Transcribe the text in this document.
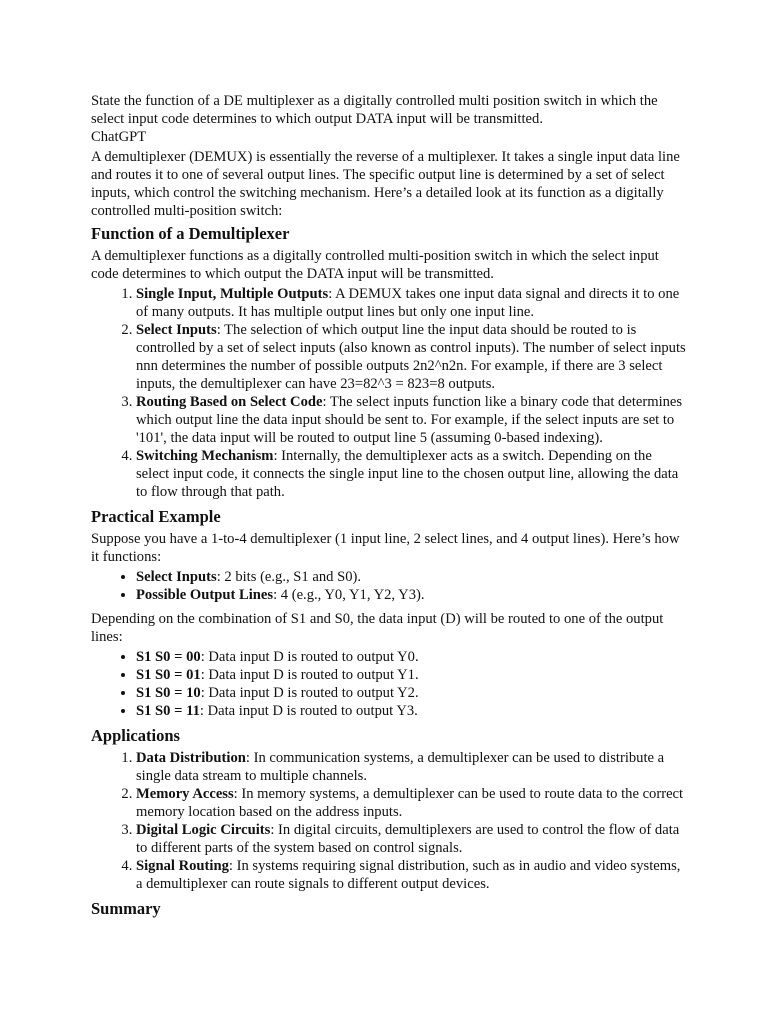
State the function of a DE multiplexer as a digitally controlled multi position switch in which the select input code determines to which output DATA input will be transmitted.

ChatGPT

A demultiplexer (DEMUX) is essentially the reverse of a multiplexer. It takes a single input data line and routes it to one of several output lines. The specific output line is determined by a set of select inputs, which control the switching mechanism. Here’s a detailed look at its function as a digitally controlled multi-position switch:

Function of a Demultiplexer

A demultiplexer functions as a digitally controlled multi-position switch in which the select input code determines to which output the DATA input will be transmitted.

1. Single Input, Multiple Outputs: A DEMUX takes one input data signal and directs it to one of many outputs. It has multiple output lines but only one input line.
2. Select Inputs: The selection of which output line the input data should be routed to is controlled by a set of select inputs (also known as control inputs). The number of select inputs nnn determines the number of possible outputs 2n2^n2n. For example, if there are 3 select inputs, the demultiplexer can have 23=82^3 = 823=8 outputs.
3. Routing Based on Select Code: The select inputs function like a binary code that determines which output line the data input should be sent to. For example, if the select inputs are set to '101', the data input will be routed to output line 5 (assuming 0-based indexing).
4. Switching Mechanism: Internally, the demultiplexer acts as a switch. Depending on the select input code, it connects the single input line to the chosen output line, allowing the data to flow through that path.
Practical Example

Suppose you have a 1-to-4 demultiplexer (1 input line, 2 select lines, and 4 output lines). Here’s how it functions:

• Select Inputs: 2 bits (e.g., S1 and S0).
• Possible Output Lines: 4 (e.g., Y0, Y1, Y2, Y3).

Depending on the combination of S1 and S0, the data input (D) will be routed to one of the output lines:

• S1 S0 = 00: Data input D is routed to output Y0.
• S1 S0 = 01: Data input D is routed to output Y1.
• S1 S0 = 10: Data input D is routed to output Y2.
• S1 S0 = 11: Data input D is routed to output Y3.
Applications
1. Data Distribution: In communication systems, a demultiplexer can be used to distribute a single data stream to multiple channels.
2. Memory Access: In memory systems, a demultiplexer can be used to route data to the correct memory location based on the address inputs.
3. Digital Logic Circuits: In digital circuits, demultiplexers are used to control the flow of data to different parts of the system based on control signals.
4. Signal Routing: In systems requiring signal distribution, such as in audio and video systems, a demultiplexer can route signals to different output devices.
Summary
